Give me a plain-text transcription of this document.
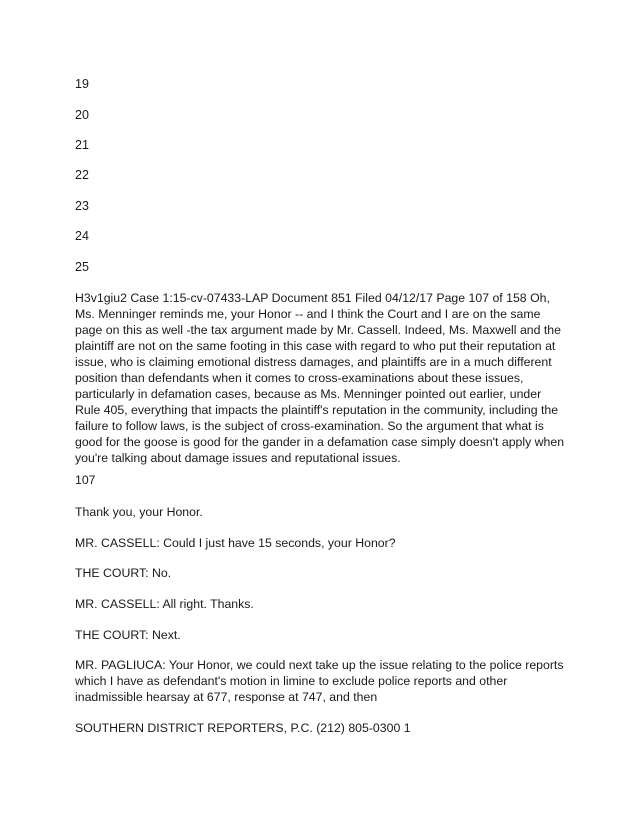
19

20

21

22

23

24

25

H3v1giu2 Case 1:15-cv-07433-LAP Document 851 Filed 04/12/17 Page 107 of 158 Oh, Ms. Menninger reminds me, your Honor -- and I think the Court and I are on the same page on this as well -the tax argument made by Mr. Cassell. Indeed, Ms. Maxwell and the plaintiff are not on the same footing in this case with regard to who put their reputation at issue, who is claiming emotional distress damages, and plaintiffs are in a much different position than defendants when it comes to cross-examinations about these issues, particularly in defamation cases, because as Ms. Menninger pointed out earlier, under Rule 405, everything that impacts the plaintiff's reputation in the community, including the failure to follow laws, is the subject of cross-examination. So the argument that what is good for the goose is good for the gander in a defamation case simply doesn't apply when you're talking about damage issues and reputational issues.

107

Thank you, your Honor.

MR. CASSELL: Could I just have 15 seconds, your Honor?

THE COURT: No.

MR. CASSELL: All right. Thanks.

THE COURT: Next.

MR. PAGLIUCA: Your Honor, we could next take up the issue relating to the police reports which I have as defendant's motion in limine to exclude police reports and other inadmissible hearsay at 677, response at 747, and then

SOUTHERN DISTRICT REPORTERS, P.C. (212) 805-0300 1
